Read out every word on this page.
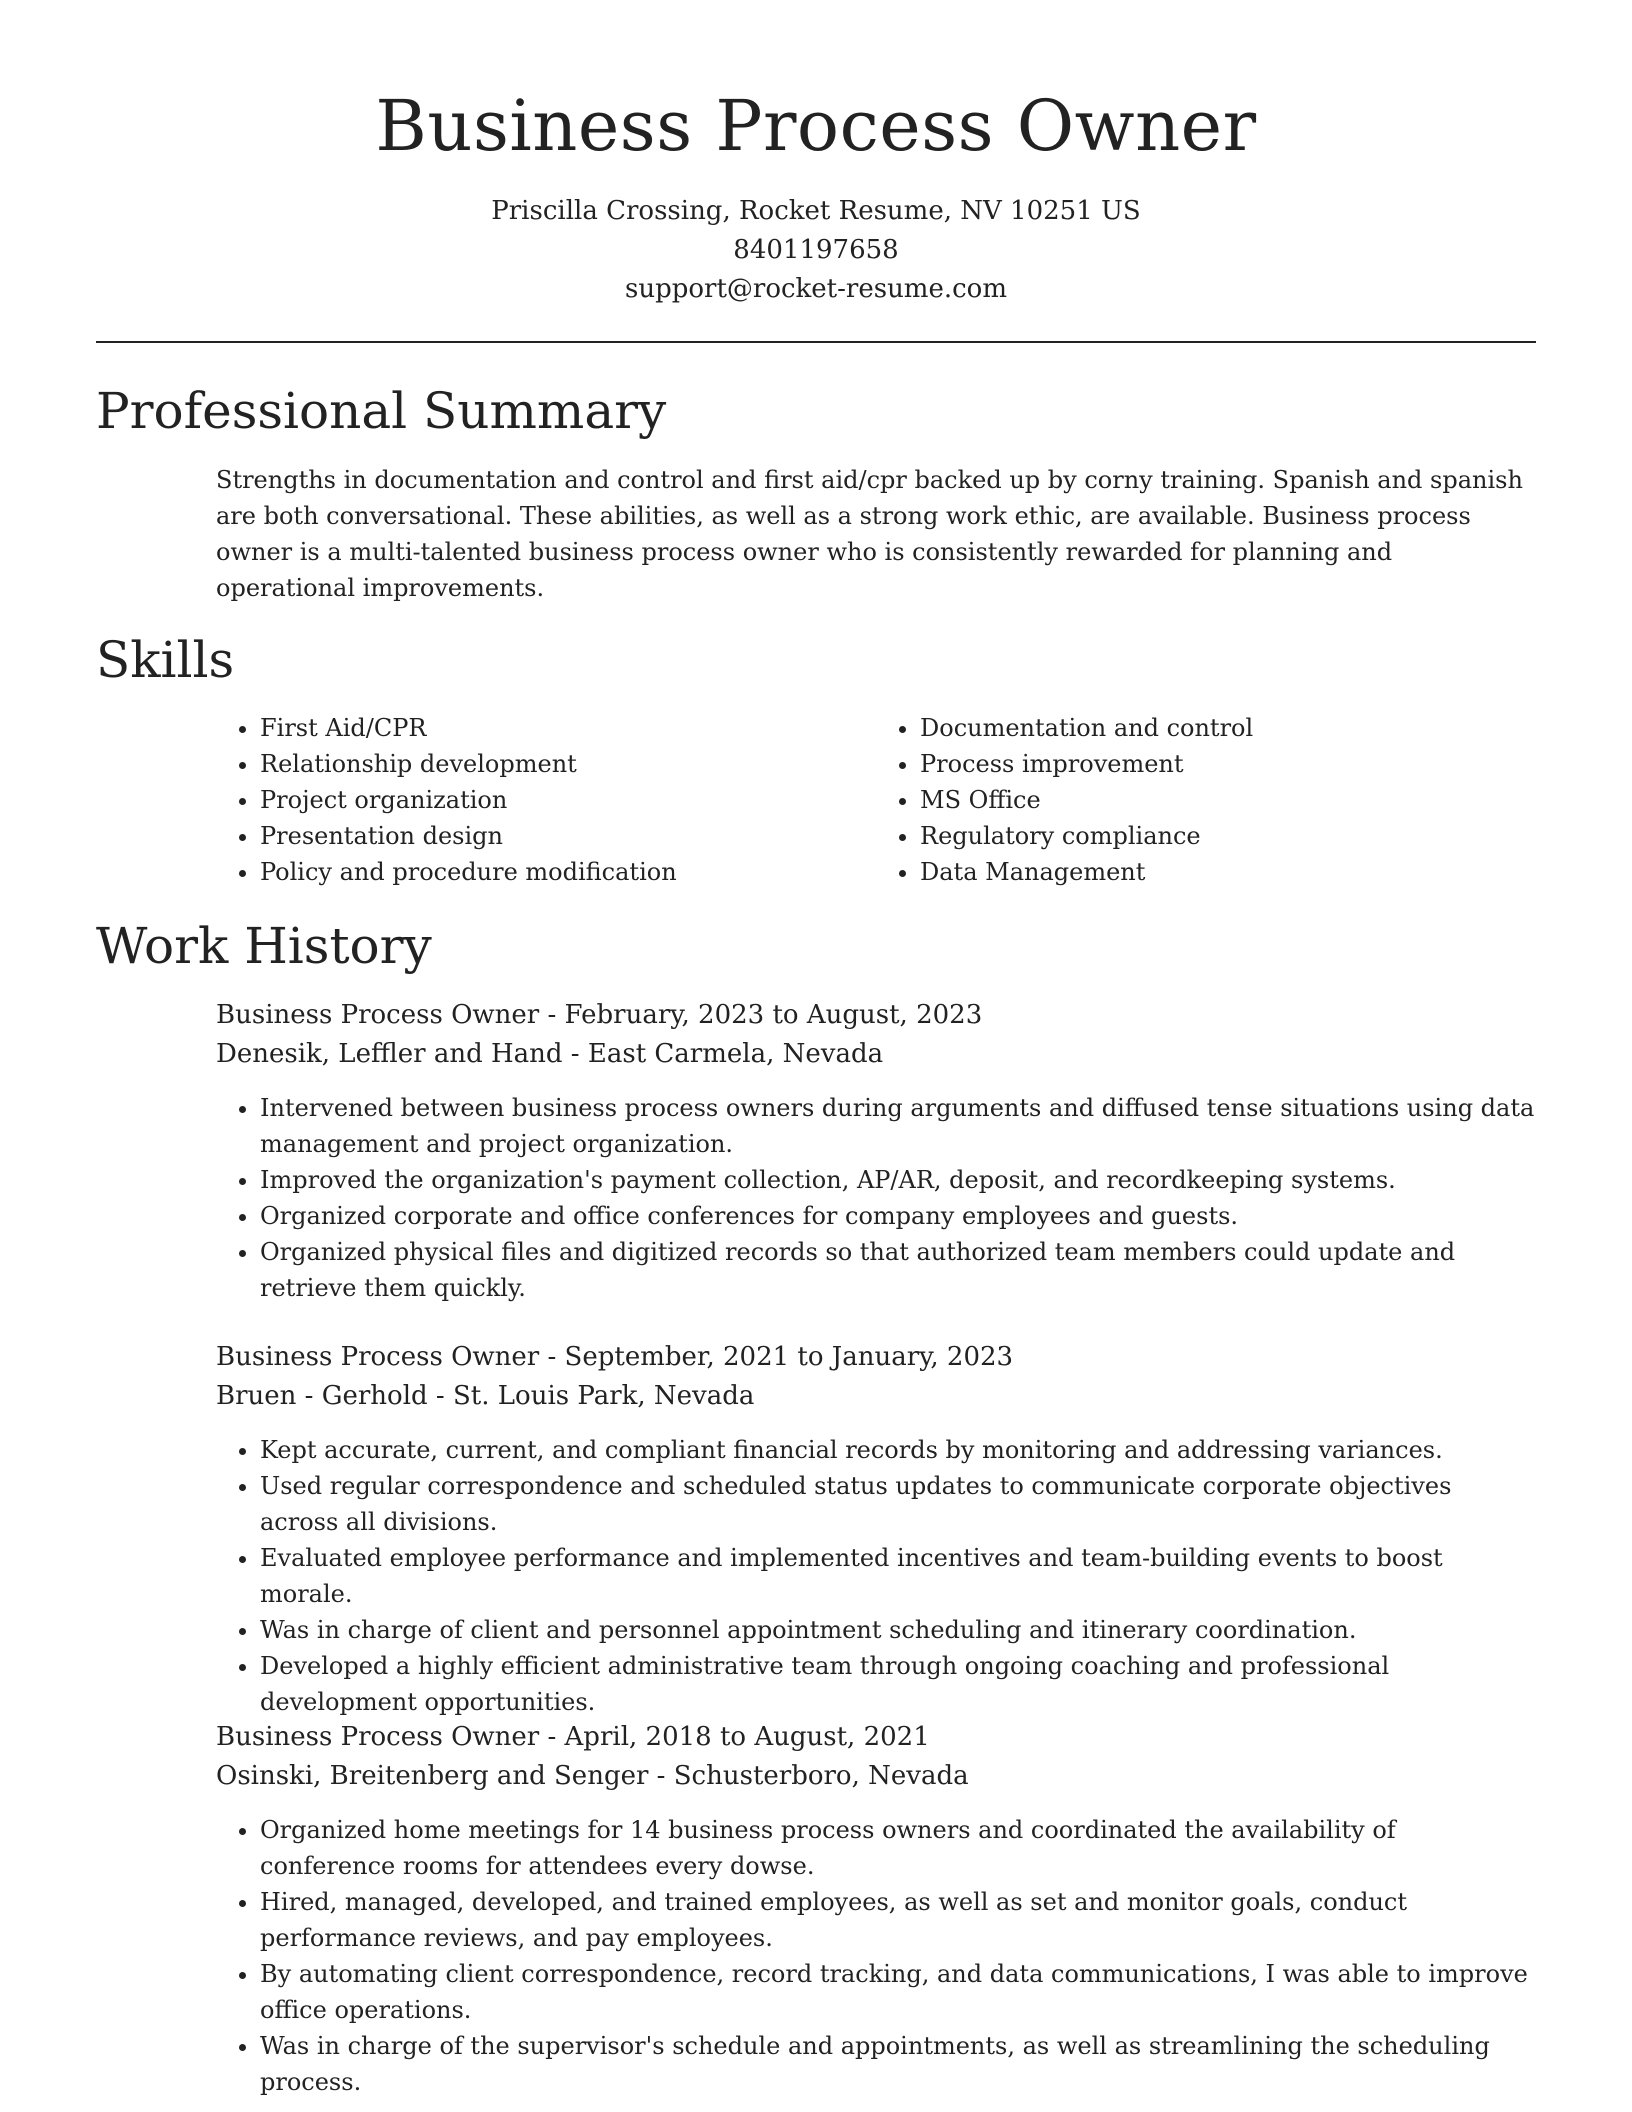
Business Process Owner
Priscilla Crossing, Rocket Resume, NV 10251 US
8401197658
support@rocket-resume.com
Professional Summary

Strengths in documentation and control and first aid/cpr backed up by corny training. Spanish and spanish are both conversational. These abilities, as well as a strong work ethic, are available. Business process owner is a multi-talented business process owner who is consistently rewarded for planning and operational improvements.

Skills
• First Aid/CPR
• Relationship development
• Project organization
• Presentation design
• Policy and procedure modification
• Documentation and control
• Process improvement
• MS Office
• Regulatory compliance
• Data Management
Work History

Business Process Owner - February, 2023 to August, 2023

Denesik, Leffler and Hand - East Carmela, Nevada

• Intervened between business process owners during arguments and diffused tense situations using data management and project organization.
• Improved the organization's payment collection, AP/AR, deposit, and recordkeeping systems.
• Organized corporate and office conferences for company employees and guests.
• Organized physical files and digitized records so that authorized team members could update and retrieve them quickly.

Business Process Owner - September, 2021 to January, 2023

Bruen - Gerhold - St. Louis Park, Nevada

• Kept accurate, current, and compliant financial records by monitoring and addressing variances.
• Used regular correspondence and scheduled status updates to communicate corporate objectives across all divisions.
• Evaluated employee performance and implemented incentives and team-building events to boost morale.
• Was in charge of client and personnel appointment scheduling and itinerary coordination.
• Developed a highly efficient administrative team through ongoing coaching and professional development opportunities.

Business Process Owner - April, 2018 to August, 2021

Osinski, Breitenberg and Senger - Schusterboro, Nevada

• Organized home meetings for 14 business process owners and coordinated the availability of conference rooms for attendees every dowse.
• Hired, managed, developed, and trained employees, as well as set and monitor goals, conduct performance reviews, and pay employees.
• By automating client correspondence, record tracking, and data communications, I was able to improve office operations.
• Was in charge of the supervisor's schedule and appointments, as well as streamlining the scheduling process.
